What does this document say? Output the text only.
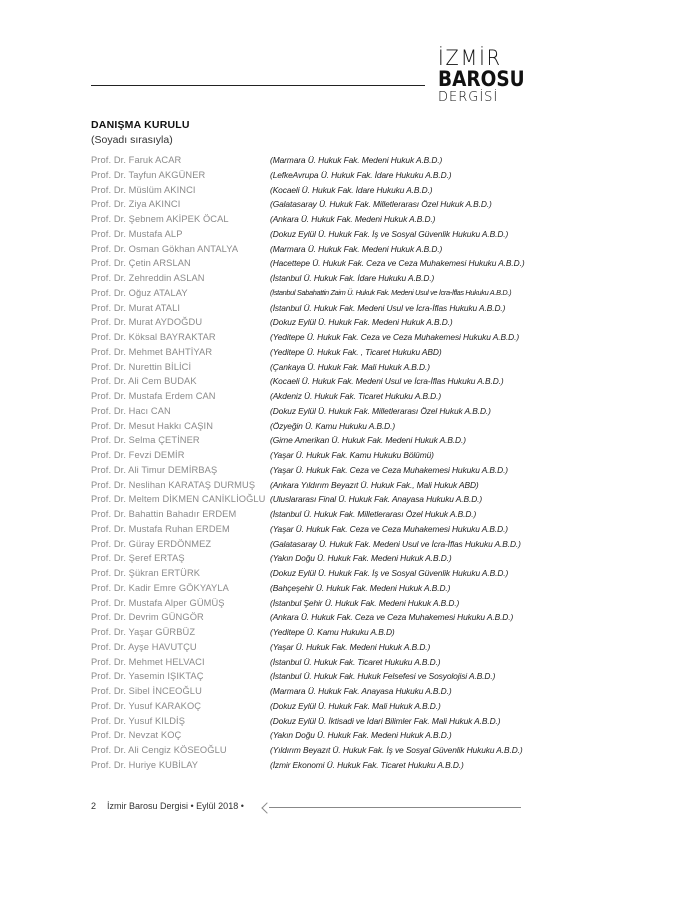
İZMİR
BAROSU
DERGİSİ
DANIŞMA KURULU
(Soyadı sırasıyla)
Prof. Dr. Faruk ACAR	(Marmara Ü. Hukuk Fak. Medeni Hukuk A.B.D.)
Prof. Dr. Tayfun AKGÜNER	(LefkeAvrupa Ü. Hukuk Fak. İdare Hukuku A.B.D.)
Prof. Dr. Müslüm AKINCI	(Kocaeli Ü. Hukuk Fak. İdare Hukuku A.B.D.)
Prof. Dr. Ziya AKINCI	(Galatasaray Ü. Hukuk Fak. Milletlerarası Özel Hukuk A.B.D.)
Prof. Dr. Şebnem AKİPEK ÖCAL	(Ankara Ü. Hukuk Fak. Medeni Hukuk A.B.D.)
Prof. Dr. Mustafa ALP	(Dokuz Eylül Ü. Hukuk Fak. İş ve Sosyal Güvenlik Hukuku A.B.D.)
Prof. Dr. Osman Gökhan ANTALYA	(Marmara Ü. Hukuk Fak. Medeni Hukuk A.B.D.)
Prof. Dr. Çetin ARSLAN	(Hacettepe Ü. Hukuk Fak. Ceza ve Ceza Muhakemesi Hukuku A.B.D.)
Prof. Dr. Zehreddin ASLAN	(İstanbul Ü. Hukuk Fak. İdare Hukuku A.B.D.)
Prof. Dr. Oğuz ATALAY	(İstanbul Sabahattin Zaim Ü. Hukuk Fak. Medeni Usul ve İcra-İflas Hukuku A.B.D.)
Prof. Dr. Murat ATALI	(İstanbul Ü. Hukuk Fak. Medeni Usul ve İcra-İflas Hukuku A.B.D.)
Prof. Dr. Murat AYDOĞDU	(Dokuz Eylül Ü. Hukuk Fak. Medeni Hukuk A.B.D.)
Prof. Dr. Köksal BAYRAKTAR	(Yeditepe Ü. Hukuk Fak. Ceza ve Ceza Muhakemesi Hukuku A.B.D.)
Prof. Dr. Mehmet BAHTİYAR	(Yeditepe Ü. Hukuk Fak. , Ticaret Hukuku ABD)
Prof. Dr. Nurettin BİLİCİ	(Çankaya Ü. Hukuk Fak. Mali Hukuk A.B.D.)
Prof. Dr. Ali Cem BUDAK	(Kocaeli Ü. Hukuk Fak. Medeni Usul ve İcra-İflas Hukuku A.B.D.)
Prof. Dr. Mustafa Erdem CAN	(Akdeniz Ü. Hukuk Fak. Ticaret Hukuku A.B.D.)
Prof. Dr. Hacı CAN	(Dokuz Eylül Ü. Hukuk Fak. Milletlerarası Özel Hukuk A.B.D.)
Prof. Dr. Mesut Hakkı CAŞIN	(Özyeğin Ü. Kamu Hukuku A.B.D.)
Prof. Dr. Selma ÇETİNER	(Girne Amerikan Ü. Hukuk Fak. Medeni Hukuk A.B.D.)
Prof. Dr. Fevzi DEMİR	(Yaşar Ü. Hukuk Fak. Kamu Hukuku Bölümü)
Prof. Dr. Ali Timur DEMİRBAŞ	(Yaşar Ü. Hukuk Fak. Ceza ve Ceza Muhakemesi Hukuku A.B.D.)
Prof. Dr. Neslihan KARATAŞ DURMUŞ (Ankara Yıldırım Beyazıt Ü. Hukuk Fak., Mali Hukuk ABD)
Prof. Dr. Meltem DİKMEN CANİKLİOĞLU (Uluslararası Final Ü. Hukuk Fak. Anayasa Hukuku A.B.D.)
Prof. Dr. Bahattin Bahadır ERDEM	(İstanbul Ü. Hukuk Fak. Milletlerarası Özel Hukuk A.B.D.)
Prof. Dr. Mustafa Ruhan ERDEM	(Yaşar Ü. Hukuk Fak. Ceza ve Ceza Muhakemesi Hukuku A.B.D.)
Prof. Dr. Güray ERDÖNMEZ	(Galatasaray Ü. Hukuk Fak. Medeni Usul ve İcra-İflas Hukuku A.B.D.)
Prof. Dr. Şeref ERTAŞ	(Yakın Doğu Ü. Hukuk Fak. Medeni Hukuk A.B.D.)
Prof. Dr. Şükran ERTÜRK	(Dokuz Eylül Ü. Hukuk Fak. İş ve Sosyal Güvenlik Hukuku A.B.D.)
Prof. Dr. Kadir Emre GÖKYAYLA	(Bahçeşehir Ü. Hukuk Fak. Medeni Hukuk A.B.D.)
Prof. Dr. Mustafa Alper GÜMÜŞ	(İstanbul Şehir Ü. Hukuk Fak. Medeni Hukuk A.B.D.)
Prof. Dr. Devrim GÜNGÖR	(Ankara Ü. Hukuk Fak. Ceza ve Ceza Muhakemesi Hukuku A.B.D.)
Prof. Dr. Yaşar GÜRBÜZ	(Yeditepe Ü. Kamu Hukuku A.B.D)
Prof. Dr. Ayşe HAVUTÇU	(Yaşar Ü. Hukuk Fak. Medeni Hukuk A.B.D.)
Prof. Dr. Mehmet HELVACI	(İstanbul Ü. Hukuk Fak. Ticaret Hukuku A.B.D.)
Prof. Dr. Yasemin IŞIKTAÇ	(İstanbul Ü. Hukuk Fak. Hukuk Felsefesi ve Sosyolojisi A.B.D.)
Prof. Dr. Sibel İNCEOĞLU	(Marmara Ü. Hukuk Fak. Anayasa Hukuku A.B.D.)
Prof. Dr. Yusuf KARAKOÇ	(Dokuz Eylül Ü. Hukuk Fak. Mali Hukuk A.B.D.)
Prof. Dr. Yusuf KILDİŞ	(Dokuz Eylül Ü. İktisadi ve İdari Bilimler Fak. Mali Hukuk A.B.D.)
Prof. Dr. Nevzat KOÇ	(Yakın Doğu Ü. Hukuk Fak. Medeni Hukuk A.B.D.)
Prof. Dr. Ali Cengiz KÖSEOĞLU	(Yıldırım Beyazıt Ü. Hukuk Fak. İş ve Sosyal Güvenlik Hukuku A.B.D.)
Prof. Dr. Huriye KUBİLAY	(İzmir Ekonomi Ü. Hukuk Fak. Ticaret Hukuku A.B.D.)
2 İzmir Barosu Dergisi • Eylül 2018 •
